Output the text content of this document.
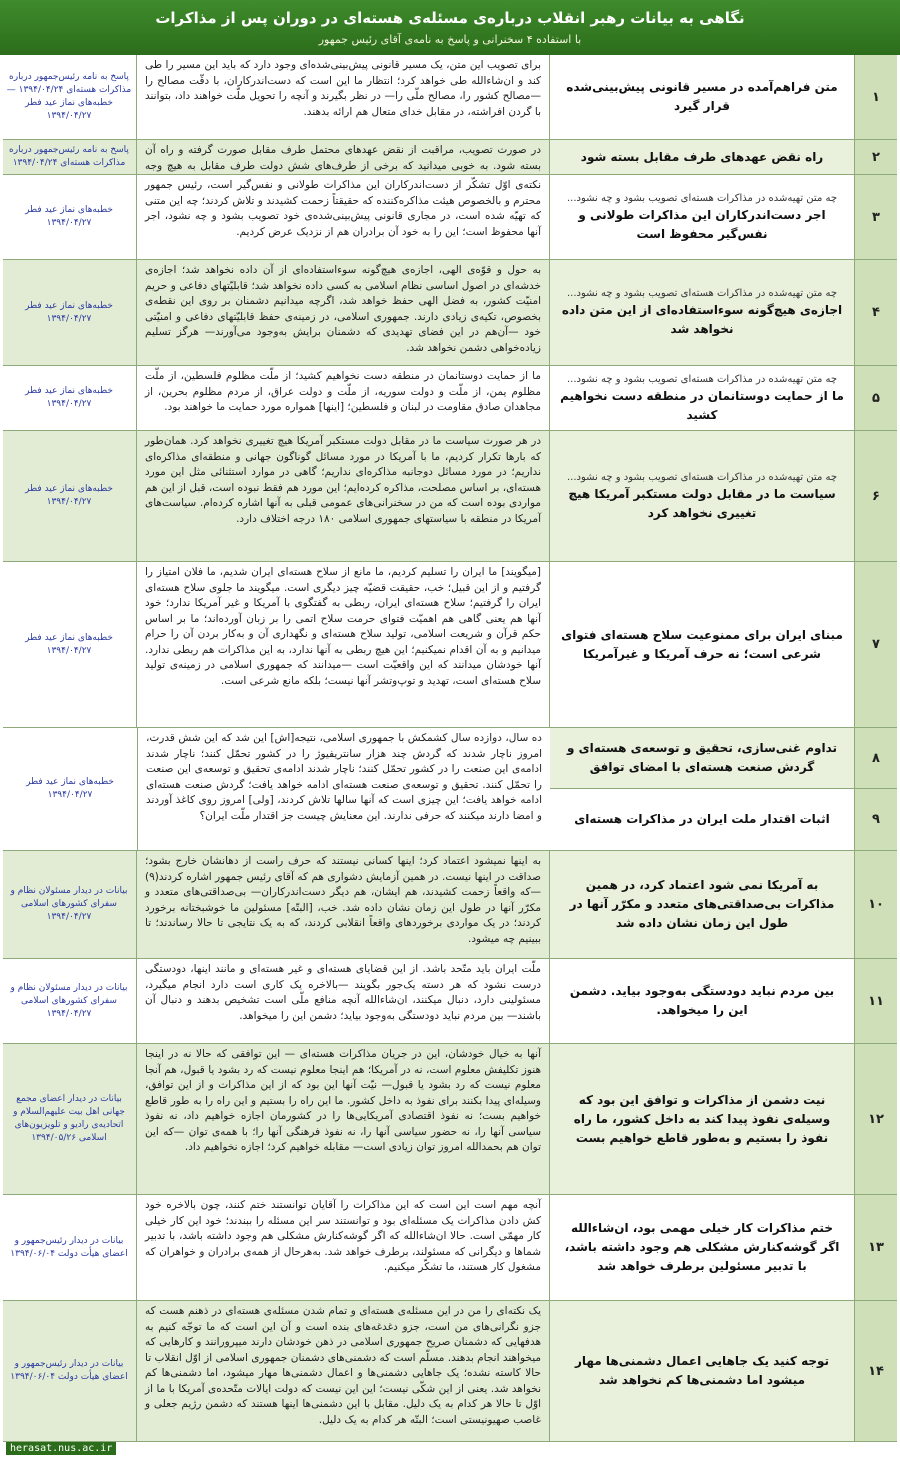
نگاهی به بیانات رهبر انقلاب درباره‌ی مسئله‌ی هسته‌ای در دوران پس از مذاکرات
با استفاده ۴ سخنرانی و پاسخ به نامه‌ی آقای رئیس جمهور
۱
متن فراهم‌آمده در مسیر قانونی پیش‌بینی‌شده قرار گیرد
برای تصویب این متن، یک مسیر قانونی پیش‌بینی‌شده‌ای وجود دارد که باید این مسیر را طی کند و ان‌شاءالله طی خواهد کرد؛ انتظار ما این است که دست‌اندرکاران، با دقّت مصالح را —مصالح کشور را، مصالح ملّی را— در نظر بگیرند و آنچه را تحویل ملّت خواهند داد، بتوانند با گردن افراشته، در مقابل خدای متعال هم ارائه بدهند.
پاسخ به نامه رئیس‌جمهور درباره مذاکرات هسته‌ای ۱۳۹۴/۰۴/۲۴ — خطبه‌های نماز عید فطر ۱۳۹۴/۰۴/۲۷
۲
راه نقض عهدهای طرف مقابل بسته شود
در صورت تصویب، مراقبت از نقض عهدهای محتمل طرف مقابل صورت گرفته و راه آن بسته شود. به خوبی میدانید که برخی از طرف‌های شش دولت طرف مقابل به هیچ وجه
پاسخ به نامه رئیس‌جمهور درباره مذاکرات هسته‌ای ۱۳۹۴/۰۴/۲۴
۳
چه متن تهیه‌شده در مذاکرات هسته‌ای تصویب بشود و چه نشود...
اجر دست‌اندرکاران این مذاکرات طولانی و نفس‌گیر محفوظ است
نکته‌ی اوّل تشکّر از دست‌اندرکاران این مذاکرات طولانی و نفس‌گیر است، رئیس جمهور محترم و بالخصوص هیئت مذاکره‌کننده که حقیقتاً زحمت کشیدند و تلاش کردند؛ چه این متنی که تهیّه شده است، در مجاری قانونی پیش‌بینی‌شده‌ی خود تصویب بشود و چه نشود، اجر آنها محفوظ است؛ این را به خود آن برادران هم از نزدیک عرض کردیم.
خطبه‌های نماز عید فطر ۱۳۹۴/۰۴/۲۷
۴
چه متن تهیه‌شده در مذاکرات هسته‌ای تصویب بشود و چه نشود...
اجازه‌ی هیچ‌گونه سوءاستفاده‌ای از این متن داده نخواهد شد
به حول و قوّه‌ی الهی، اجازه‌ی هیچ‌گونه سوءاستفاده‌ای از آن داده نخواهد شد؛ اجازه‌ی خدشه‌ای در اصول اساسی نظام اسلامی به کسی داده نخواهد شد؛ قابلیّتهای دفاعی و حریم امنیّت کشور، به فضل الهی حفظ خواهد شد، اگرچه میدانیم دشمنان بر روی این نقطه‌ی بخصوص، تکیه‌ی زیادی دارند. جمهوری اسلامی، در زمینه‌ی حفظ قابلیّتهای دفاعی و امنیّتی خود —آن‌هم در این فضای تهدیدی که دشمنان برایش به‌وجود می‌آورند— هرگز تسلیم زیاده‌خواهی دشمن نخواهد شد.
خطبه‌های نماز عید فطر ۱۳۹۴/۰۴/۲۷
۵
چه متن تهیه‌شده در مذاکرات هسته‌ای تصویب بشود و چه نشود...
ما از حمایت دوستانمان در منطقه دست نخواهیم کشید
ما از حمایت دوستانمان در منطقه دست نخواهیم کشید؛ از ملّت مظلوم فلسطین، از ملّت مظلوم یمن، از ملّت و دولت سوریه، از ملّت و دولت عراق، از مردم مظلوم بحرین، از مجاهدان صادق مقاومت در لبنان و فلسطین؛ [اینها] همواره مورد حمایت ما خواهند بود.
خطبه‌های نماز عید فطر ۱۳۹۴/۰۴/۲۷
۶
چه متن تهیه‌شده در مذاکرات هسته‌ای تصویب بشود و چه نشود...
سیاست ما در مقابل دولت مستکبر آمریکا هیچ تغییری نخواهد کرد
در هر صورت سیاست ما در مقابل دولت مستکبر آمریکا هیچ تغییری نخواهد کرد. همان‌طور که بارها تکرار کردیم، ما با آمریکا در مورد مسائل گوناگون جهانی و منطقه‌ای مذاکره‌ای نداریم؛ در مورد مسائل دوجانبه مذاکره‌ای نداریم؛ گاهی در موارد استثنائی مثل این مورد هسته‌ای، بر اساس مصلحت، مذاکره کرده‌ایم؛ این مورد هم فقط نبوده است، قبل از این هم مواردی بوده است که من در سخنرانی‌های عمومی قبلی به آنها اشاره کرده‌ام. سیاست‌های آمریکا در منطقه با سیاستهای جمهوری اسلامی ۱۸۰ درجه اختلاف دارد.
خطبه‌های نماز عید فطر ۱۳۹۴/۰۴/۲۷
۷
مبنای ایران برای ممنوعیت سلاح هسته‌ای فتوای شرعی است؛ نه حرف آمریکا و غیرآمریکا
[میگویند] ما ایران را تسلیم کردیم، ما مانع از سلاح هسته‌ای ایران شدیم، ما فلان امتیاز را گرفتیم و از این قبیل؛ خب، حقیقت قضیّه چیز دیگری است. میگویند ما جلوی سلاح هسته‌ای ایران را گرفتیم؛ سلاح هسته‌ای ایران، ربطی به گفتگوی با آمریکا و غیر آمریکا ندارد؛ خود آنها هم یعنی گاهی هم اهمیّت فتوای حرمت سلاح اتمی را بر زبان آورده‌اند؛ ما بر اساس حکم قرآن و شریعت اسلامی، تولید سلاح هسته‌ای و نگهداری آن و به‌کار بردن آن را حرام میدانیم و به آن اقدام نمیکنیم؛ این هیچ ربطی به آنها ندارد، به این مذاکرات هم ربطی ندارد. آنها خودشان میدانند که این واقعیّت است —میدانند که جمهوری اسلامی در زمینه‌ی تولید سلاح هسته‌ای است، تهدید و توپ‌وتشر آنها نیست؛ بلکه مانع شرعی است.
خطبه‌های نماز عید فطر ۱۳۹۴/۰۴/۲۷
۸
تداوم غنی‌سازی، تحقیق و توسعه‌ی هسته‌ای و گردش صنعت هسته‌ای با امضای توافق
۹
اثبات اقتدار ملت ایران در مذاکرات هسته‌ای
ده سال، دوازده سال کشمکش با جمهوری اسلامی، نتیجه[اش] این شد که این شش قدرت، امروز ناچار شدند که گردش چند هزار سانتریفیوژ را در کشور تحمّل کنند؛ ناچار شدند ادامه‌ی این صنعت را در کشور تحمّل کنند؛ ناچار شدند ادامه‌ی تحقیق و توسعه‌ی این صنعت را تحمّل کنند. تحقیق و توسعه‌ی صنعت هسته‌ای ادامه خواهد یافت؛ گردش صنعت هسته‌ای ادامه خواهد یافت؛ این چیزی است که آنها سالها تلاش کردند، [ولی] امروز روی کاغذ آوردند و امضا دارند میکنند که حرفی ندارند. این معنایش چیست جز اقتدار ملّت ایران؟
خطبه‌های نماز عید فطر ۱۳۹۴/۰۴/۲۷
۱۰
به آمریکا نمی شود اعتماد کرد، در همین مذاکرات بی‌صداقتی‌های متعدد و مکرّر آنها در طول این زمان نشان داده شد
به اینها نمیشود اعتماد کرد؛ اینها کسانی نیستند که حرف راست از دهانشان خارج بشود؛ صداقت در اینها نیست. در همین آزمایش دشواری هم که آقای رئیس جمهور اشاره کردند(۹) —که واقعاً زحمت کشیدند، هم ایشان، هم دیگر دست‌اندرکاران— بی‌صداقتی‌های متعدد و مکرّر آنها در طول این زمان نشان داده شد. خب، [البتّه] مسئولین ما خوشبختانه برخورد کردند؛ در یک مواردی برخوردهای واقعاً انقلابی کردند، که به یک نتایجی تا حالا رساندند؛ تا ببینیم چه میشود.
بیانات در دیدار مسئولان نظام و سفرای کشورهای اسلامی ۱۳۹۴/۰۴/۲۷
۱۱
بین مردم نباید دودستگی به‌وجود بیاید. دشمن این را میخواهد.
ملّت ایران باید متّحد باشد. از این قضایای هسته‌ای و غیر هسته‌ای و مانند اینها، دودستگی درست نشود که هر دسته یک‌جور بگویند —بالاخره یک کاری است دارد انجام میگیرد، مسئولینی دارد، دنبال میکنند، ان‌شاءالله آنچه منافع ملّی است تشخیص بدهند و دنبال آن باشند— بین مردم نباید دودستگی به‌وجود بیاید؛ دشمن این را میخواهد.
بیانات در دیدار مسئولان نظام و سفرای کشورهای اسلامی ۱۳۹۴/۰۴/۲۷
۱۲
نیت دشمن از مذاکرات و توافق این بود که وسیله‌ی نفوذ پیدا کند به داخل کشور، ما راه نفوذ را بستیم و به‌طور قاطع خواهیم بست
آنها به خیال خودشان، این در جریان مذاکرات هسته‌ای — این توافقی که حالا نه در اینجا هنوز تکلیفش معلوم است، نه در آمریکا؛ هم اینجا معلوم نیست که رد بشود یا قبول، هم آنجا معلوم نیست که رد بشود یا قبول— نیّت آنها این بود که از این مذاکرات و از این توافق، وسیله‌ای پیدا بکنند برای نفوذ به داخل کشور. ما این راه را بستیم و این راه را به طور قاطع خواهیم بست؛ نه نفوذ اقتصادی آمریکایی‌ها را در کشورمان اجازه خواهیم داد، نه نفوذ سیاسی آنها را، نه حضور سیاسی آنها را، نه نفوذ فرهنگی آنها را؛ با همه‌ی توان —که این توان هم بحمدالله امروز توان زیادی است— مقابله خواهیم کرد؛ اجازه نخواهیم داد.
بیانات در دیدار اعضای مجمع جهانی اهل بیت علیهم‌السلام و اتحادیه‌ی رادیو و تلویزیون‌های اسلامی ۱۳۹۴/۰۵/۲۶
۱۳
ختم مذاکرات کار خیلی مهمی بود، ان‌شاءالله اگر گوشه‌کنارش مشکلی هم وجود داشته باشد، با تدبیر مسئولین برطرف خواهد شد
آنچه مهم است این است که این مذاکرات را آقایان توانستند ختم کنند، چون بالاخره خود کش دادن مذاکرات یک مسئله‌ای بود و توانستند سر این مسئله را ببندند؛ خود این کار خیلی کار مهمّی است. حالا ان‌شاءالله که اگر گوشه‌کنارش مشکلی هم وجود داشته باشد، با تدبیر شماها و دیگرانی که مسئولند، برطرف خواهد شد. به‌هرحال از همه‌ی برادران و خواهران که مشغول کار هستند، ما تشکّر میکنیم.
بیانات در دیدار رئیس‌جمهور و اعضای هیأت دولت ۱۳۹۴/۰۶/۰۴
۱۴
توجه کنید یک جاهایی اعمال دشمنی‌ها مهار میشود اما دشمنی‌ها کم نخواهد شد
یک نکته‌ای را من در این مسئله‌ی هسته‌ای و تمام شدن مسئله‌ی هسته‌ای در ذهنم هست که جزو نگرانی‌های من است، جزو دغدغه‌های بنده است و آن این است که ما توجّه کنیم به هدفهایی که دشمنان صریح جمهوری اسلامی در ذهن خودشان دارند میپرورانند و کارهایی که میخواهند انجام بدهند. مسلّم است که دشمنی‌های دشمنان جمهوری اسلامی از اوّل انقلاب تا حالا کاسته نشده؛ یک جاهایی دشمنی‌ها و اعمال دشمنی‌ها مهار میشود، اما دشمنی‌ها کم نخواهد شد. یعنی از این شکّی نیست؛ این این نیست که دولت ایالات متّحده‌ی آمریکا با ما از اوّل تا حالا هر کدام به یک دلیل. مقابل با این دشمنی‌ها اینها هستند که دشمن رژیم جعلی و غاصب صهیونیستی است؛ البتّه هر کدام به یک دلیل.
بیانات در دیدار رئیس‌جمهور و اعضای هیأت دولت ۱۳۹۴/۰۶/۰۴
herasat.nus.ac.ir
